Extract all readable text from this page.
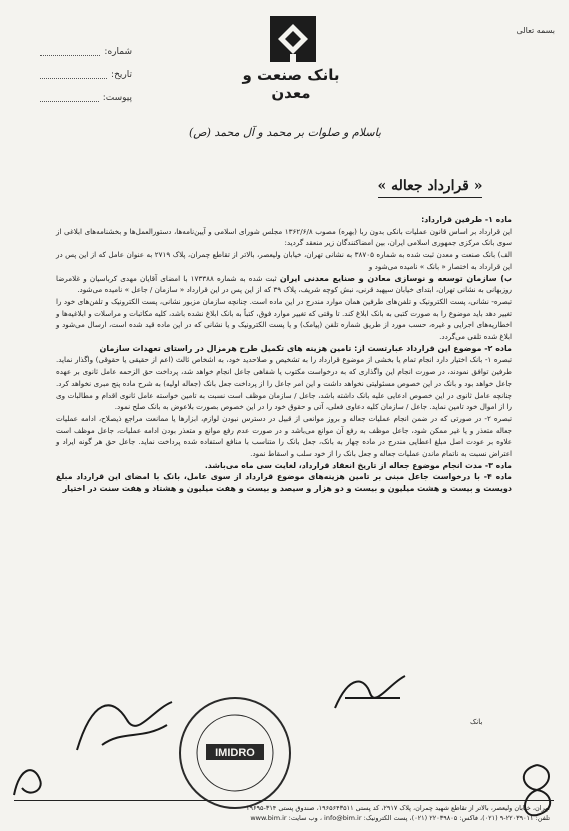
بسمه تعالی
بانک صنعت و معدن
شماره:
تاریخ:
پیوست:
باسلام و صلوات بر محمد و آل محمد (ص)
« قرارداد جعاله »

ماده ۱- طرفین قرارداد:

این قرارداد بر اساس قانون عملیات بانکی بدون ربا (بهره) مصوب ۱۳۶۲/۶/۸ مجلس شورای اسلامی و آیین‌نامه‌ها، دستورالعمل‌ها و بخشنامه‌های ابلاغی از سوی بانک مرکزی جمهوری اسلامی ایران، بین امضاکنندگان زیر منعقد گردید:

الف) بانک صنعت و معدن ثبت شده به شماره ۳۸۷۰۵ به نشانی تهران، خیابان ولیعصر، بالاتر از تقاطع چمران، پلاک ۲۷۱۹ به عنوان عامل که از این پس در این قرارداد به اختصار « بانک » نامیده می‌شود و

ب) سازمان توسعه و نوسازی معادن و صنایع معدنی ایران ثبت شده به شماره ۱۷۳۳۸۸ با امضای آقایان مهدی کرباسیان و غلامرضا روزبهانی به نشانی تهران، ابتدای خیابان سپهبد قرنی، نبش کوچه شریف، پلاک ۳۹ که از این پس در این قرارداد « سازمان / جاعل » نامیده می‌شود.

تبصره- نشانی، پست الکترونیک و تلفن‌های طرفین همان موارد مندرج در این ماده است. چنانچه سازمان مزبور نشانی، پست الکترونیک و تلفن‌های خود را تغییر دهد باید موضوع را به صورت کتبی به بانک ابلاغ کند. تا وقتی که تغییر موارد فوق، کتباً به بانک ابلاغ نشده باشد، کلیه مکاتبات و مراسلات و ابلاغیه‌ها و اخطاریه‌های اجرایی و غیره، حسب مورد از طریق شماره تلفن (پیامک) و یا پست الکترونیک و یا نشانی که در این ماده قید شده است، ارسال می‌شود و ابلاغ شده تلقی می‌گردد.

ماده ۲- موضوع این قرارداد عبارتست از: تامین هزینه های تکمیل طرح هرمزال در راستای تعهدات سازمان

تبصره ۱- بانک اختیار دارد انجام تمام یا بخشی از موضوع قرارداد را به تشخیص و صلاحدید خود، به اشخاص ثالث (اعم از حقیقی یا حقوقی) واگذار نماید. طرفین توافق نمودند، در صورت انجام این واگذاری که به درخواست مکتوب یا شفاهی جاعل انجام خواهد شد، پرداخت حق الزحمه عامل ثانوی بر عهده جاعل خواهد بود و بانک در این خصوص مسئولیتی نخواهد داشت و این امر جاعل را از پرداخت جعل بانک (جعاله اولیه) به شرح ماده پنج مبری نخواهد کرد. چنانچه عامل ثانوی در این خصوص ادعایی علیه بانک داشته باشد، جاعل / سازمان موظف است نسبت به تامین خواسته عامل ثانوی اقدام و مطالبات وی را از اموال خود تامین نماید. جاعل / سازمان کلیه دعاوی فعلی، آتی و حقوق خود را در این خصوص بصورت بلاعوض به بانک صلح نمود.

تبصره ۲- در صورتی که در ضمن انجام عملیات جعاله و بروز موانعی از قبیل در دسترس نبودن لوازم، ابزارها یا ممانعت مراجع ذیصلاح، ادامه عملیات جعاله متعذر و یا غیر ممکن شود، جاعل موظف به رفع آن موانع می‌باشد و در صورت عدم رفع موانع و متعذر بودن ادامه عملیات، جاعل موظف است علاوه بر عودت اصل مبلغ اعطایی مندرج در ماده چهار به بانک، جعل بانک را متناسب با منافع استفاده شده پرداخت نماید. جاعل حق هر گونه ایراد و اعتراض نسبت به ناتمام ماندن عملیات جعاله و جعل بانک را از خود سلب و اسقاط نمود.

ماده ۳- مدت انجام موضوع جعاله از تاریخ انعقاد قرارداد، لغایت سی ماه می‌باشد.

ماده ۴- با درخواست جاعل مبنی بر تامین هزینه‌های موضوع قرارداد از سوی عامل، بانک با امضای این قرارداد مبلغ دویست و بیست و هشت میلیون و بیست و دو هزار و سیصد و بیست و هفت میلیون و هشتاد و هفت سنت در اختیار

بانک
IMIDRO
تهران، خیابان ولیعصر، بالاتر از تقاطع شهید چمران، پلاک ۲۹۱۷، کد پستی ۱۹۶۵۶۴۳۵۱۱، صندوق پستی ۳۱۴-۱۹۶۹۵
تلفن: ۲۲۰۳۹۰۱۱-۹ (۰۲۱)، فاکس: ۲۲۰۳۹۸۰۵ (۰۲۱)، پست الکترونیک: info@bim.ir ، وب سایت: www.bim.ir
